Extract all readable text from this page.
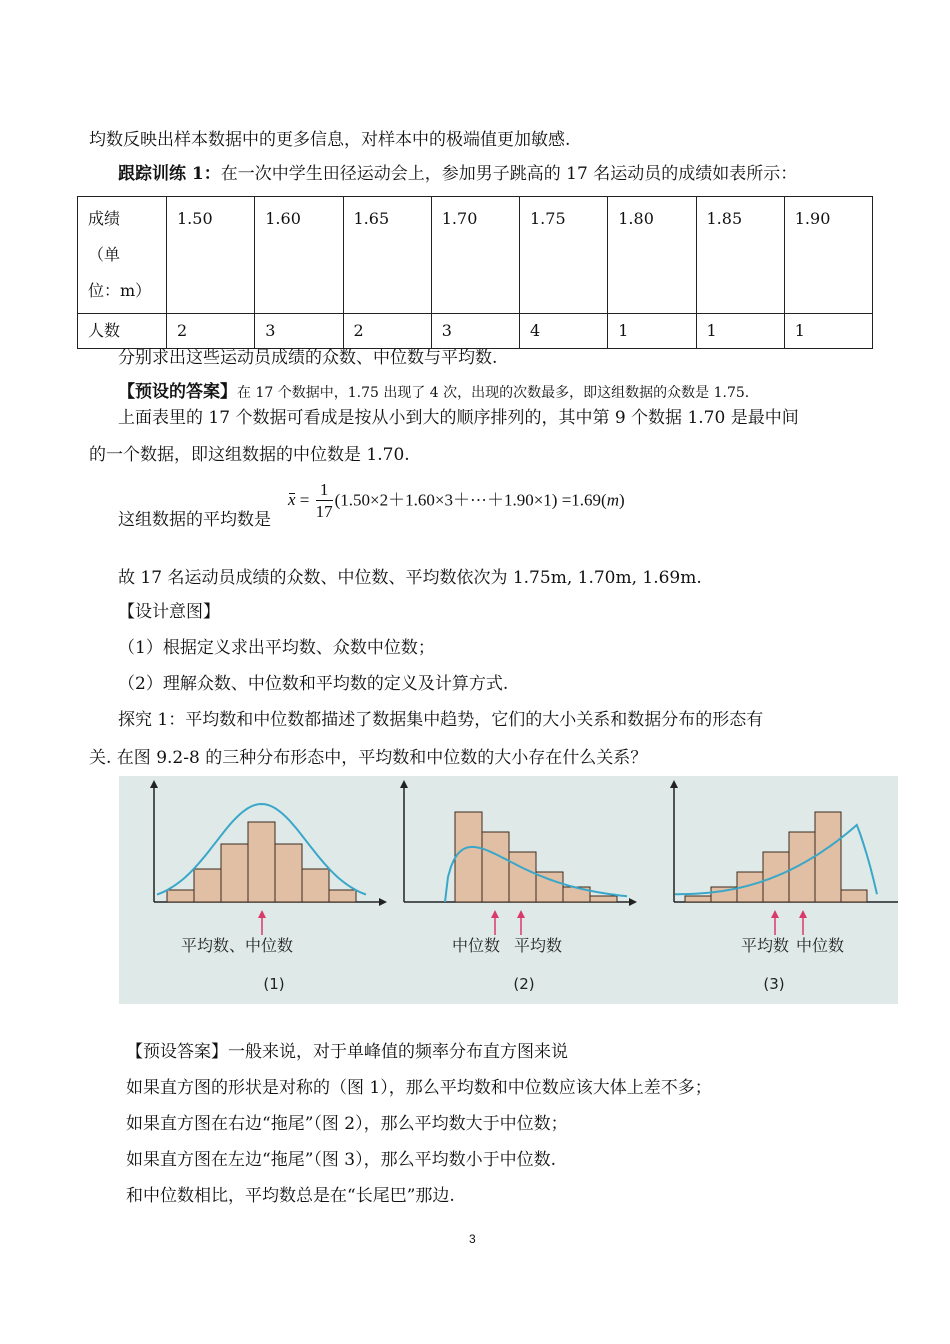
均数反映出样本数据中的更多信息，对样本中的极端值更加敏感.
跟踪训练 1：在一次中学生田径运动会上，参加男子跳高的 17 名运动员的成绩如表所示：
成绩
（单
位：m）	1.50	1.60	1.65	1.70	1.75	1.80	1.85	1.90
人数	2	3	2	3	4	1	1	1
分别求出这些运动员成绩的众数、中位数与平均数.
【预设的答案】在 17 个数据中，1.75 出现了 4 次，出现的次数最多，即这组数据的众数是 1.75.
上面表里的 17 个数据可看成是按从小到大的顺序排列的，其中第 9 个数据 1.70 是最中间
的一个数据，即这组数据的中位数是 1.70.
这组数据的平均数是
$x = \frac{1}{17} (1.50\times 2+1.60\times 3+\cdot\cdot\cdot+1.90\times 1) =1.69(m)$
故 17 名运动员成绩的众数、中位数、平均数依次为 1.75m, 1.70m, 1.69m.
【设计意图】
（1）根据定义求出平均数、众数中位数；
（2）理解众数、中位数和平均数的定义及计算方式.
探究 1：平均数和中位数都描述了数据集中趋势，它们的大小关系和数据分布的形态有
关. 在图 9.2-8 的三种分布形态中，平均数和中位数的大小存在什么关系？
平均数、中位数	中位数 平均数	平均数 中位数
(1)	(2)	(3)
【预设答案】一般来说，对于单峰值的频率分布直方图来说
如果直方图的形状是对称的（图 1），那么平均数和中位数应该大体上差不多；
如果直方图在右边“拖尾”（图 2），那么平均数大于中位数；
如果直方图在左边“拖尾”（图 3），那么平均数小于中位数.
和中位数相比，平均数总是在“长尾巴”那边.
3
